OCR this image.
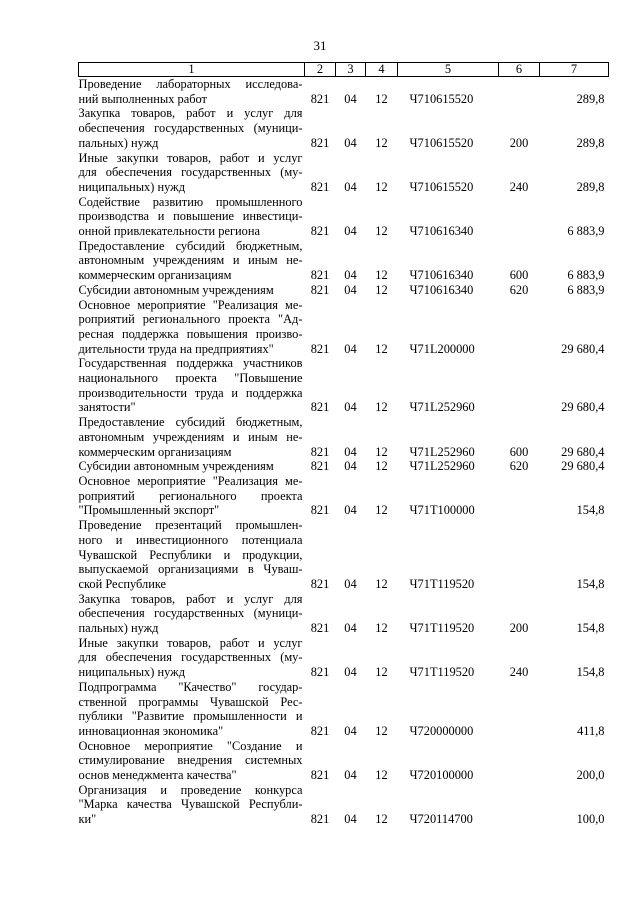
31
1	2	3	4	5	6	7

Проведение лабораторных исследова-
ний выполненных работ	821	04	12	Ч710615520		289,8

Закупка товаров, работ и услуг для
обеспечения государственных (муници-
пальных) нужд	821	04	12	Ч710615520	200	289,8

Иные закупки товаров, работ и услуг
для обеспечения государственных (му-
ниципальных) нужд	821	04	12	Ч710615520	240	289,8

Содействие развитию промышленного
производства и повышение инвестици-
онной привлекательности региона	821	04	12	Ч710616340		6 883,9

Предоставление субсидий бюджетным,
автономным учреждениям и иным не-
коммерческим организациям	821	04	12	Ч710616340	600	6 883,9

Субсидии автономным учреждениям	821	04	12	Ч710616340	620	6 883,9

Основное мероприятие "Реализация ме-
роприятий регионального проекта "Ад-
ресная поддержка повышения произво-
дительности труда на предприятиях"	821	04	12	Ч71L200000		29 680,4

Государственная поддержка участников
национального проекта "Повышение
производительности труда и поддержка
занятости"	821	04	12	Ч71L252960		29 680,4

Предоставление субсидий бюджетным,
автономным учреждениям и иным не-
коммерческим организациям	821	04	12	Ч71L252960	600	29 680,4

Субсидии автономным учреждениям	821	04	12	Ч71L252960	620	29 680,4

Основное мероприятие "Реализация ме-
роприятий регионального проекта
"Промышленный экспорт"	821	04	12	Ч71Т100000		154,8

Проведение презентаций промышлен-
ного и инвестиционного потенциала
Чувашской Республики и продукции,
выпускаемой организациями в Чуваш-
ской Республике	821	04	12	Ч71Т119520		154,8

Закупка товаров, работ и услуг для
обеспечения государственных (муници-
пальных) нужд	821	04	12	Ч71Т119520	200	154,8

Иные закупки товаров, работ и услуг
для обеспечения государственных (му-
ниципальных) нужд	821	04	12	Ч71Т119520	240	154,8

Подпрограмма "Качество" государ-
ственной программы Чувашской Рес-
публики "Развитие промышленности и
инновационная экономика"	821	04	12	Ч720000000		411,8

Основное мероприятие "Создание и
стимулирование внедрения системных
основ менеджмента качества"	821	04	12	Ч720100000		200,0

Организация и проведение конкурса
"Марка качества Чувашской Республи-
ки"	821	04	12	Ч720114700		100,0
